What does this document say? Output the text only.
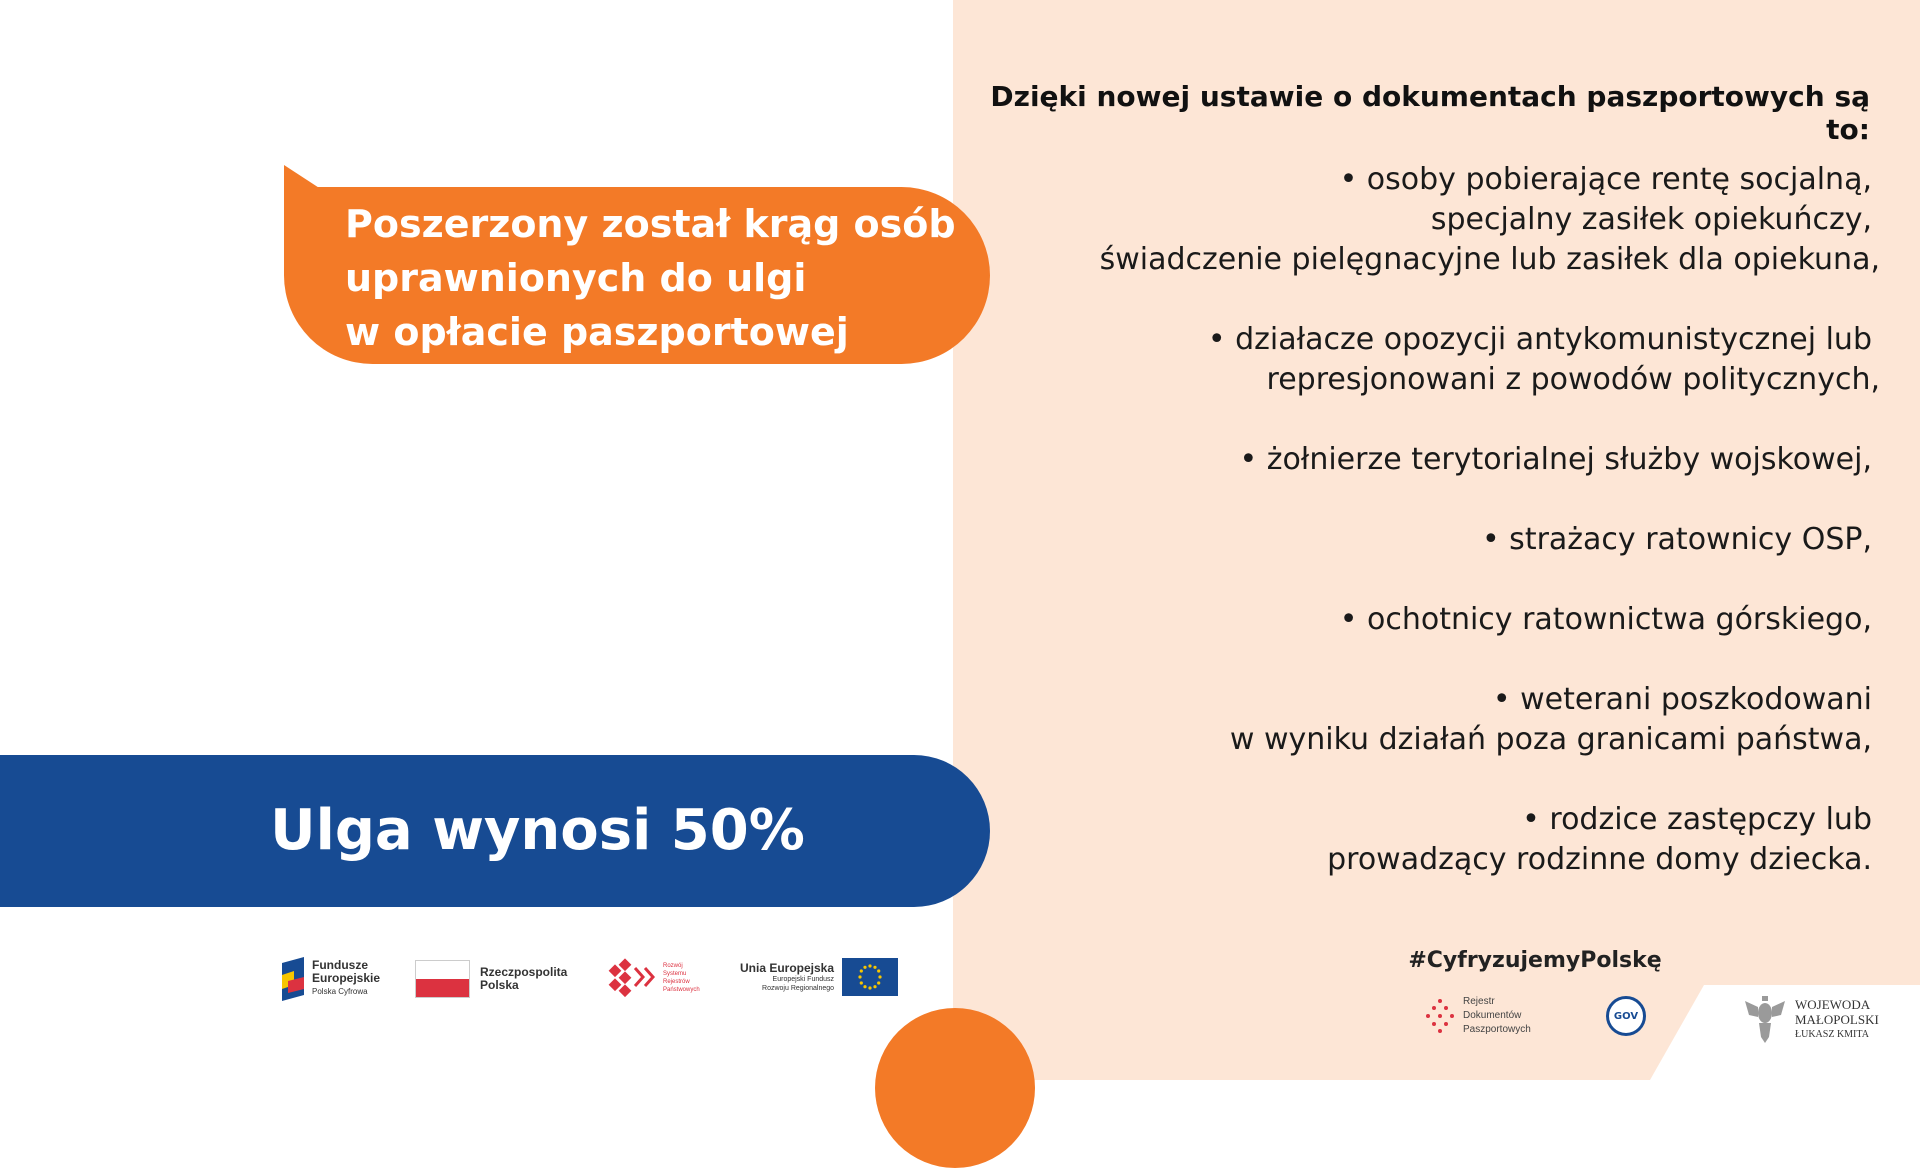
Poszerzony został krąg osób
uprawnionych do ulgi
w opłacie paszportowej
Ulga wynosi 50%
Dzięki nowej ustawie o dokumentach paszportowych są to:
• osoby pobierające rentę socjalną,
specjalny zasiłek opiekuńczy,
świadczenie pielęgnacyjne lub zasiłek dla opiekuna,
• działacze opozycji antykomunistycznej lub
represjonowani z powodów politycznych,
• żołnierze terytorialnej służby wojskowej,
• strażacy ratownicy OSP,
• ochotnicy ratownictwa górskiego,
• weterani poszkodowani
w wyniku działań poza granicami państwa,
• rodzice zastępczy lub
prowadzący rodzinne domy dziecka.
Fundusze
Europejskie
Polska Cyfrowa
Rzeczpospolita
Polska
Rozwój
Systemu
Rejestrów
Państwowych
Unia Europejska
Europejski Fundusz
Rozwoju Regionalnego
#CyfryzujemyPolskę
Rejestr
Dokumentów
Paszportowych
GOV
WOJEWODA
MAŁOPOLSKI
ŁUKASZ KMITA
